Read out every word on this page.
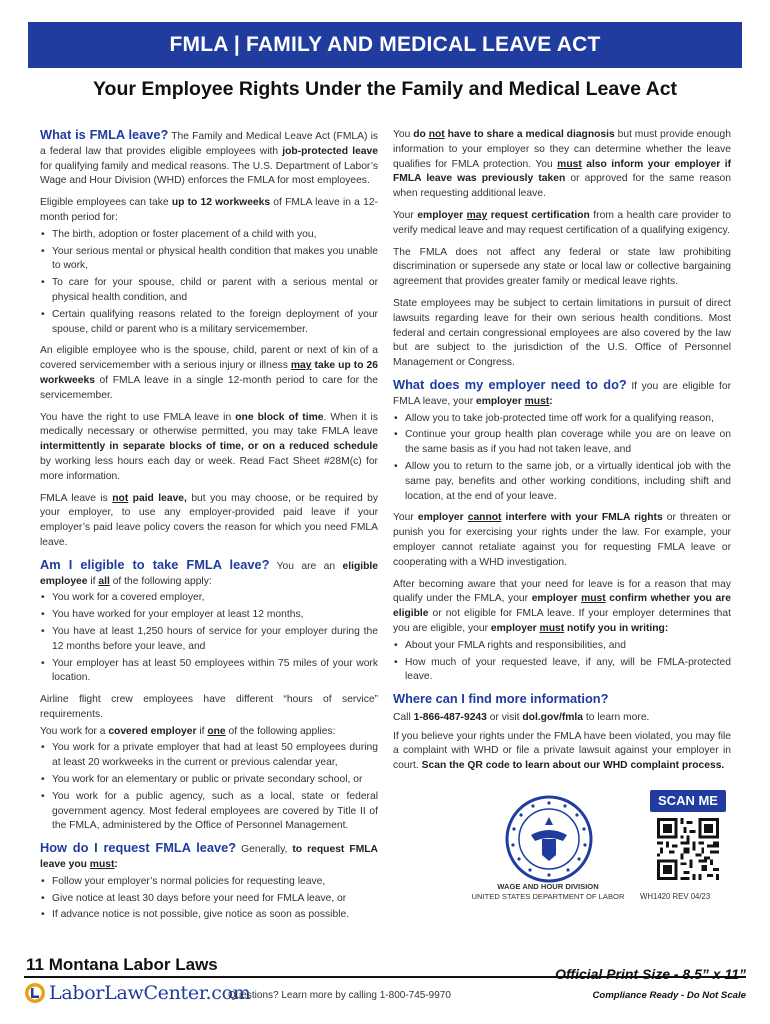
FMLA | FAMILY AND MEDICAL LEAVE ACT
Your Employee Rights Under the Family and Medical Leave Act

What is FMLA leave? The Family and Medical Leave Act (FMLA) is a federal law that provides eligible employees with job-protected leave for qualifying family and medical reasons. The U.S. Department of Labor’s Wage and Hour Division (WHD) enforces the FMLA for most employees.

Eligible employees can take up to 12 workweeks of FMLA leave in a 12-month period for:

• The birth, adoption or foster placement of a child with you,
• Your serious mental or physical health condition that makes you unable to work,
• To care for your spouse, child or parent with a serious mental or physical health condition, and
• Certain qualifying reasons related to the foreign deployment of your spouse, child or parent who is a military servicemember.

An eligible employee who is the spouse, child, parent or next of kin of a covered servicemember with a serious injury or illness may take up to 26 workweeks of FMLA leave in a single 12-month period to care for the servicemember.

You have the right to use FMLA leave in one block of time. When it is medically necessary or otherwise permitted, you may take FMLA leave intermittently in separate blocks of time, or on a reduced schedule by working less hours each day or week. Read Fact Sheet #28M(c) for more information.

FMLA leave is not paid leave, but you may choose, or be required by your employer, to use any employer-provided paid leave if your employer’s paid leave policy covers the reason for which you need FMLA leave.

Am I eligible to take FMLA leave? You are an eligible employee if all of the following apply:

• You work for a covered employer,
• You have worked for your employer at least 12 months,
• You have at least 1,250 hours of service for your employer during the 12 months before your leave, and
• Your employer has at least 50 employees within 75 miles of your work location.

Airline flight crew employees have different “hours of service” requirements.

You work for a covered employer if one of the following applies:

• You work for a private employer that had at least 50 employees during at least 20 workweeks in the current or previous calendar year,
• You work for an elementary or public or private secondary school, or
• You work for a public agency, such as a local, state or federal government agency. Most federal employees are covered by Title II of the FMLA, administered by the Office of Personnel Management.

How do I request FMLA leave? Generally, to request FMLA leave you must:

• Follow your employer’s normal policies for requesting leave,
• Give notice at least 30 days before your need for FMLA leave, or
• If advance notice is not possible, give notice as soon as possible.

You do not have to share a medical diagnosis but must provide enough information to your employer so they can determine whether the leave qualifies for FMLA protection. You must also inform your employer if FMLA leave was previously taken or approved for the same reason when requesting additional leave.

Your employer may request certification from a health care provider to verify medical leave and may request certification of a qualifying exigency.

The FMLA does not affect any federal or state law prohibiting discrimination or supersede any state or local law or collective bargaining agreement that provides greater family or medical leave rights.

State employees may be subject to certain limitations in pursuit of direct lawsuits regarding leave for their own serious health conditions. Most federal and certain congressional employees are also covered by the law but are subject to the jurisdiction of the U.S. Office of Personnel Management or Congress.

What does my employer need to do? If you are eligible for FMLA leave, your employer must:

• Allow you to take job-protected time off work for a qualifying reason,
• Continue your group health plan coverage while you are on leave on the same basis as if you had not taken leave, and
• Allow you to return to the same job, or a virtually identical job with the same pay, benefits and other working conditions, including shift and location, at the end of your leave.

Your employer cannot interfere with your FMLA rights or threaten or punish you for exercising your rights under the law. For example, your employer cannot retaliate against you for requesting FMLA leave or cooperating with a WHD investigation.

After becoming aware that your need for leave is for a reason that may qualify under the FMLA, your employer must confirm whether you are eligible or not eligible for FMLA leave. If your employer determines that you are eligible, your employer must notify you in writing:

• About your FMLA rights and responsibilities, and
• How much of your requested leave, if any, will be FMLA-protected leave.

Where can I find more information?

Call 1-866-487-9243 or visit dol.gov/fmla to learn more.

If you believe your rights under the FMLA have been violated, you may file a complaint with WHD or file a private lawsuit against your employer in court. Scan the QR code to learn about our WHD complaint process.

WAGE AND HOUR DIVISION
UNITED STATES DEPARTMENT OF LABOR	WH1420 REV 04/23
SCAN ME
11 Montana Labor Laws
LaborLawCenter.com
Questions? Learn more by calling 1-800-745-9970
Official Print Size - 8.5” x 11”
Compliance Ready - Do Not Scale
